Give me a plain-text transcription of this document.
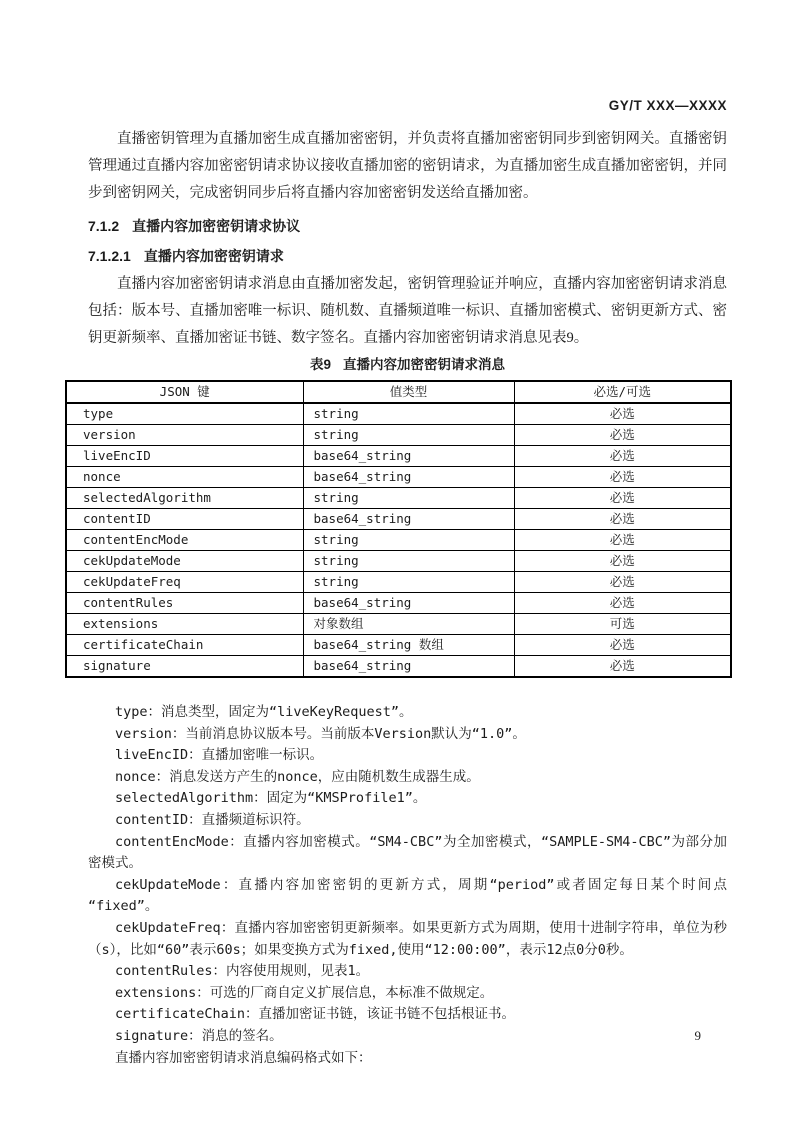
GY/T XXX—XXXX

直播密钥管理为直播加密生成直播加密密钥，并负责将直播加密密钥同步到密钥网关。直播密钥管理通过直播内容加密密钥请求协议接收直播加密的密钥请求，为直播加密生成直播加密密钥，并同步到密钥网关，完成密钥同步后将直播内容加密密钥发送给直播加密。

7.1.2 直播内容加密密钥请求协议
7.1.2.1 直播内容加密密钥请求

直播内容加密密钥请求消息由直播加密发起，密钥管理验证并响应，直播内容加密密钥请求消息包括：版本号、直播加密唯一标识、随机数、直播频道唯一标识、直播加密模式、密钥更新方式、密钥更新频率、直播加密证书链、数字签名。直播内容加密密钥请求消息见表9。

表9 直播内容加密密钥请求消息
JSON 键	值类型	必选/可选
type	string	必选
version	string	必选
liveEncID	base64_string	必选
nonce	base64_string	必选
selectedAlgorithm	string	必选
contentID	base64_string	必选
contentEncMode	string	必选
cekUpdateMode	string	必选
cekUpdateFreq	string	必选
contentRules	base64_string	必选
extensions	对象数组	可选
certificateChain	base64_string 数组	必选
signature	base64_string	必选

type：消息类型，固定为“liveKeyRequest”。

version：当前消息协议版本号。当前版本Version默认为“1.0”。

liveEncID：直播加密唯一标识。

nonce：消息发送方产生的nonce，应由随机数生成器生成。

selectedAlgorithm：固定为“KMSProfile1”。

contentID：直播频道标识符。

contentEncMode：直播内容加密模式。“SM4-CBC”为全加密模式，“SAMPLE-SM4-CBC”为部分加密模式。

cekUpdateMode：直播内容加密密钥的更新方式，周期“period”或者固定每日某个时间点“fixed”。

cekUpdateFreq：直播内容加密密钥更新频率。如果更新方式为周期，使用十进制字符串，单位为秒（s），比如“60”表示60s；如果变换方式为fixed,使用“12:00:00”，表示12点0分0秒。

contentRules：内容使用规则，见表1。

extensions：可选的厂商自定义扩展信息，本标准不做规定。

certificateChain：直播加密证书链，该证书链不包括根证书。

signature：消息的签名。

直播内容加密密钥请求消息编码格式如下：

9
